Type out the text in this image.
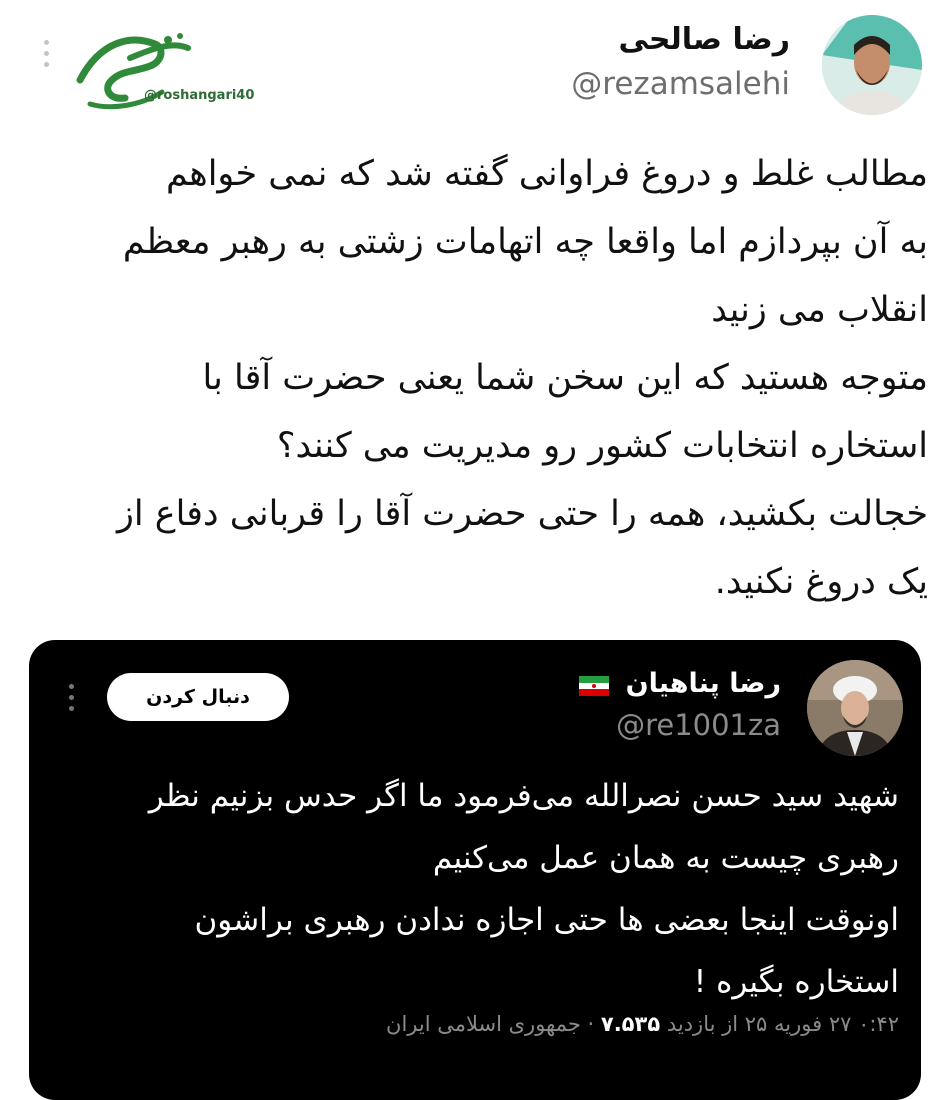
@roshangari40
رضا صالحی
@rezamsalehi
مطالب غلط و دروغ فراوانی گفته شد که نمی خواهم
به آن بپردازم اما واقعا چه اتهامات زشتی به رهبر معظم
انقلاب می زنید
متوجه هستید که این سخن شما یعنی حضرت آقا با
استخاره انتخابات کشور رو مدیریت می کنند؟
خجالت بکشید، همه را حتی حضرت آقا را قربانی دفاع از
یک دروغ نکنید.
دنبال کردن	رضا پناهیان
@re1001za
شهید سید حسن نصرالله می‌فرمود ما اگر حدس بزنیم نظر
رهبری چیست به همان عمل می‌کنیم
اونوقت اینجا بعضی ها حتی اجازه ندادن رهبری براشون
استخاره بگیره !
۰:۴۲ ۲۷ فوریه ۲۵ از بازدید ۷.۵۳۵ · جمهوری اسلامی ایران
